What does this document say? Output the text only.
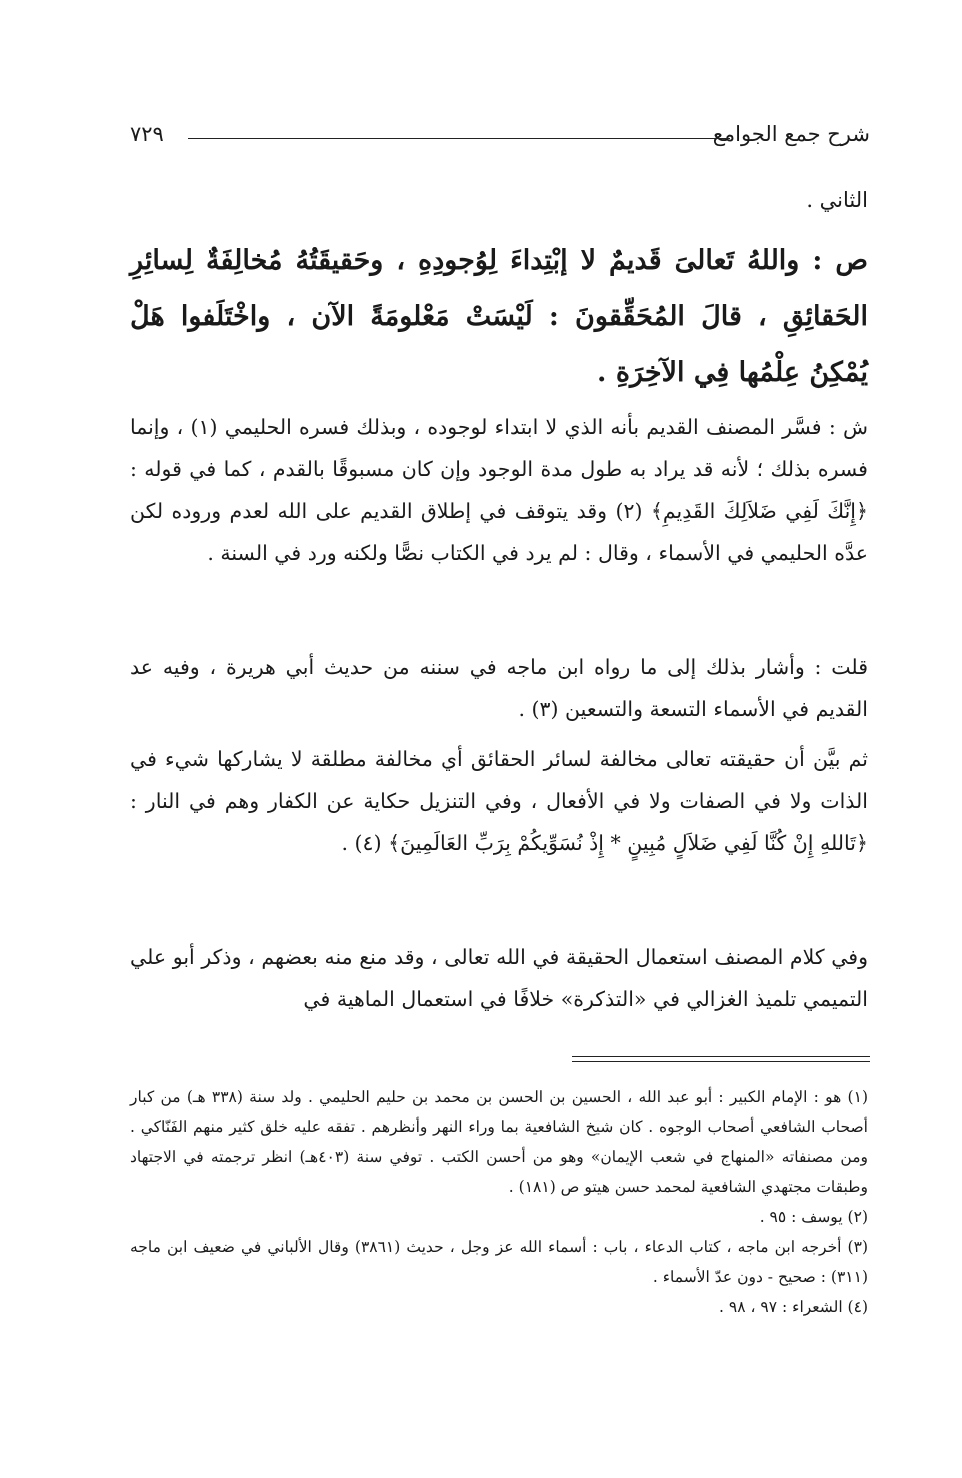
شرح جمع الجوامع
٧٢٩

الثاني .

ص : واللهُ تَعالىَ قَديمٌ لا إبْتِداءَ لِوُجودِهِ ، وحَقيقَتُهُ مُخالِفَةٌ لِسائِرِ الحَقائِقِ ، قالَ المُحَقِّقونَ : لَيْسَتْ مَعْلومَةً الآن ، واخْتَلَفوا هَلْ يُمْكِنُ عِلْمُها فِي الآخِرَةِ .

ش : فسَّر المصنف القديم بأنه الذي لا ابتداء لوجوده ، وبذلك فسره الحليمي (١) ، وإنما فسره بذلك ؛ لأنه قد يراد به طول مدة الوجود وإن كان مسبوقًا بالقدم ، كما في قوله : ﴿إِنَّكَ لَفِي ضَلاَلِكَ القَدِيمِ﴾ (٢) وقد يتوقف في إطلاق القديم على الله لعدم وروده لكن عدَّه الحليمي في الأسماء ، وقال : لم يرد في الكتاب نصًّا ولكنه ورد في السنة .

قلت : وأشار بذلك إلى ما رواه ابن ماجه في سننه من حديث أبي هريرة ، وفيه عد القديم في الأسماء التسعة والتسعين (٣) .

ثم بيَّن أن حقيقته تعالى مخالفة لسائر الحقائق أي مخالفة مطلقة لا يشاركها شيء في الذات ولا في الصفات ولا في الأفعال ، وفي التنزيل حكاية عن الكفار وهم في النار : ﴿تَاللهِ إِنْ كُنَّا لَفِي ضَلاَلٍ مُبِينٍ * إِذْ نُسَوِّيكُمْ بِرَبِّ العَالَمِينَ﴾ (٤) .

وفي كلام المصنف استعمال الحقيقة في الله تعالى ، وقد منع منه بعضهم ، وذكر أبو علي التميمي تلميذ الغزالي في «التذكرة» خلافًا في استعمال الماهية في

(١) هو : الإمام الكبير : أبو عبد الله ، الحسين بن الحسن بن محمد بن حليم الحليمي . ولد سنة (٣٣٨ هـ) من كبار أصحاب الشافعي أصحاب الوجوه . كان شيخ الشافعية بما وراء النهر وأنظرهم . تفقه عليه خلق كثير منهم الفَنّاكي . ومن مصنفاته «المنهاج في شعب الإيمان» وهو من أحسن الكتب . توفي سنة (٤٠٣هـ) انظر ترجمته في الاجتهاد وطبقات مجتهدي الشافعية لمحمد حسن هيتو ص (١٨١) .

(٢) يوسف : ٩٥ .

(٣) أخرجه ابن ماجه ، كتاب الدعاء ، باب : أسماء الله عز وجل ، حديث (٣٨٦١) وقال الألباني في ضعيف ابن ماجه (٣١١) : صحيح - دون عدّ الأسماء .

(٤) الشعراء : ٩٧ ، ٩٨ .
